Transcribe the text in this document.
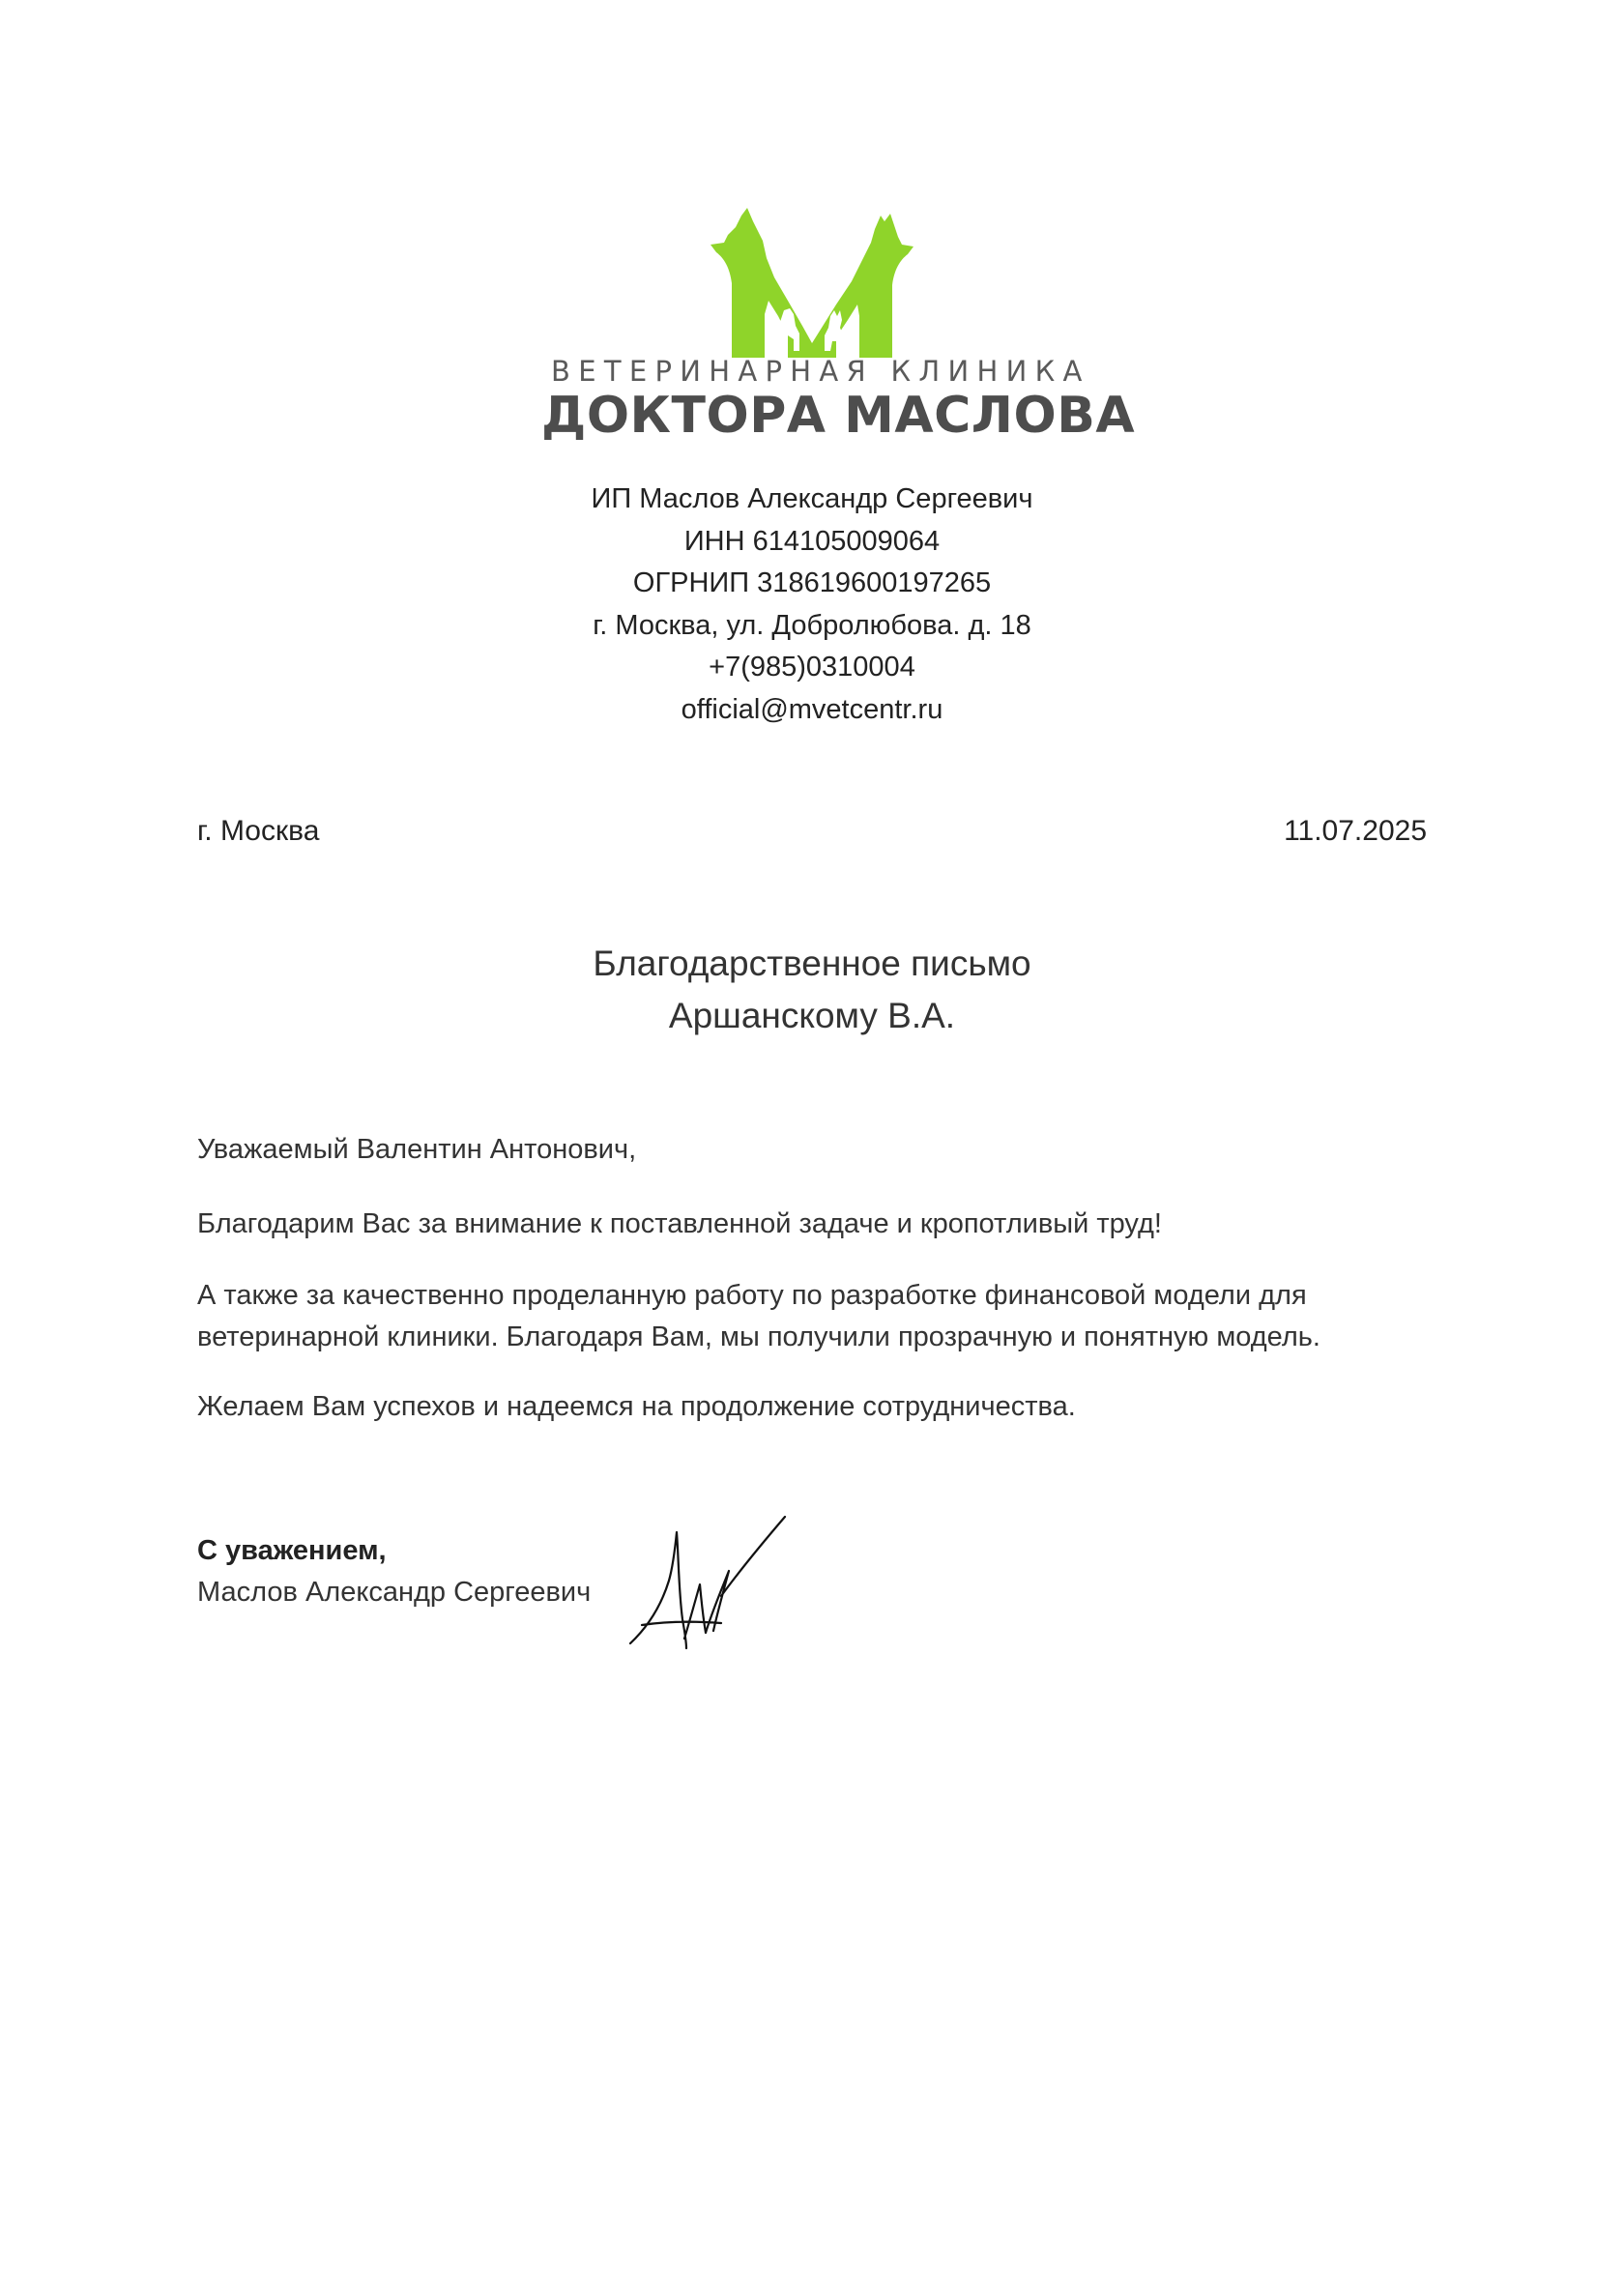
ВЕТЕРИНАРНАЯ КЛИНИКА
ДОКТОРА МАСЛОВА
ИП Маслов Александр Сергеевич
ИНН 614105009064
ОГРНИП 318619600197265
г. Москва, ул. Добролюбова. д. 18
+7(985)0310004
official@mvetcentr.ru
г. Москва	11.07.2025
Благодарственное письмо
Аршанскому В.А.
Уважаемый Валентин Антонович,
Благодарим Вас за внимание к поставленной задаче и кропотливый труд!
А также за качественно проделанную работу по разработке финансовой модели для
ветеринарной клиники. Благодаря Вам, мы получили прозрачную и понятную модель.
Желаем Вам успехов и надеемся на продолжение сотрудничества.
С уважением,
Маслов Александр Сергеевич
